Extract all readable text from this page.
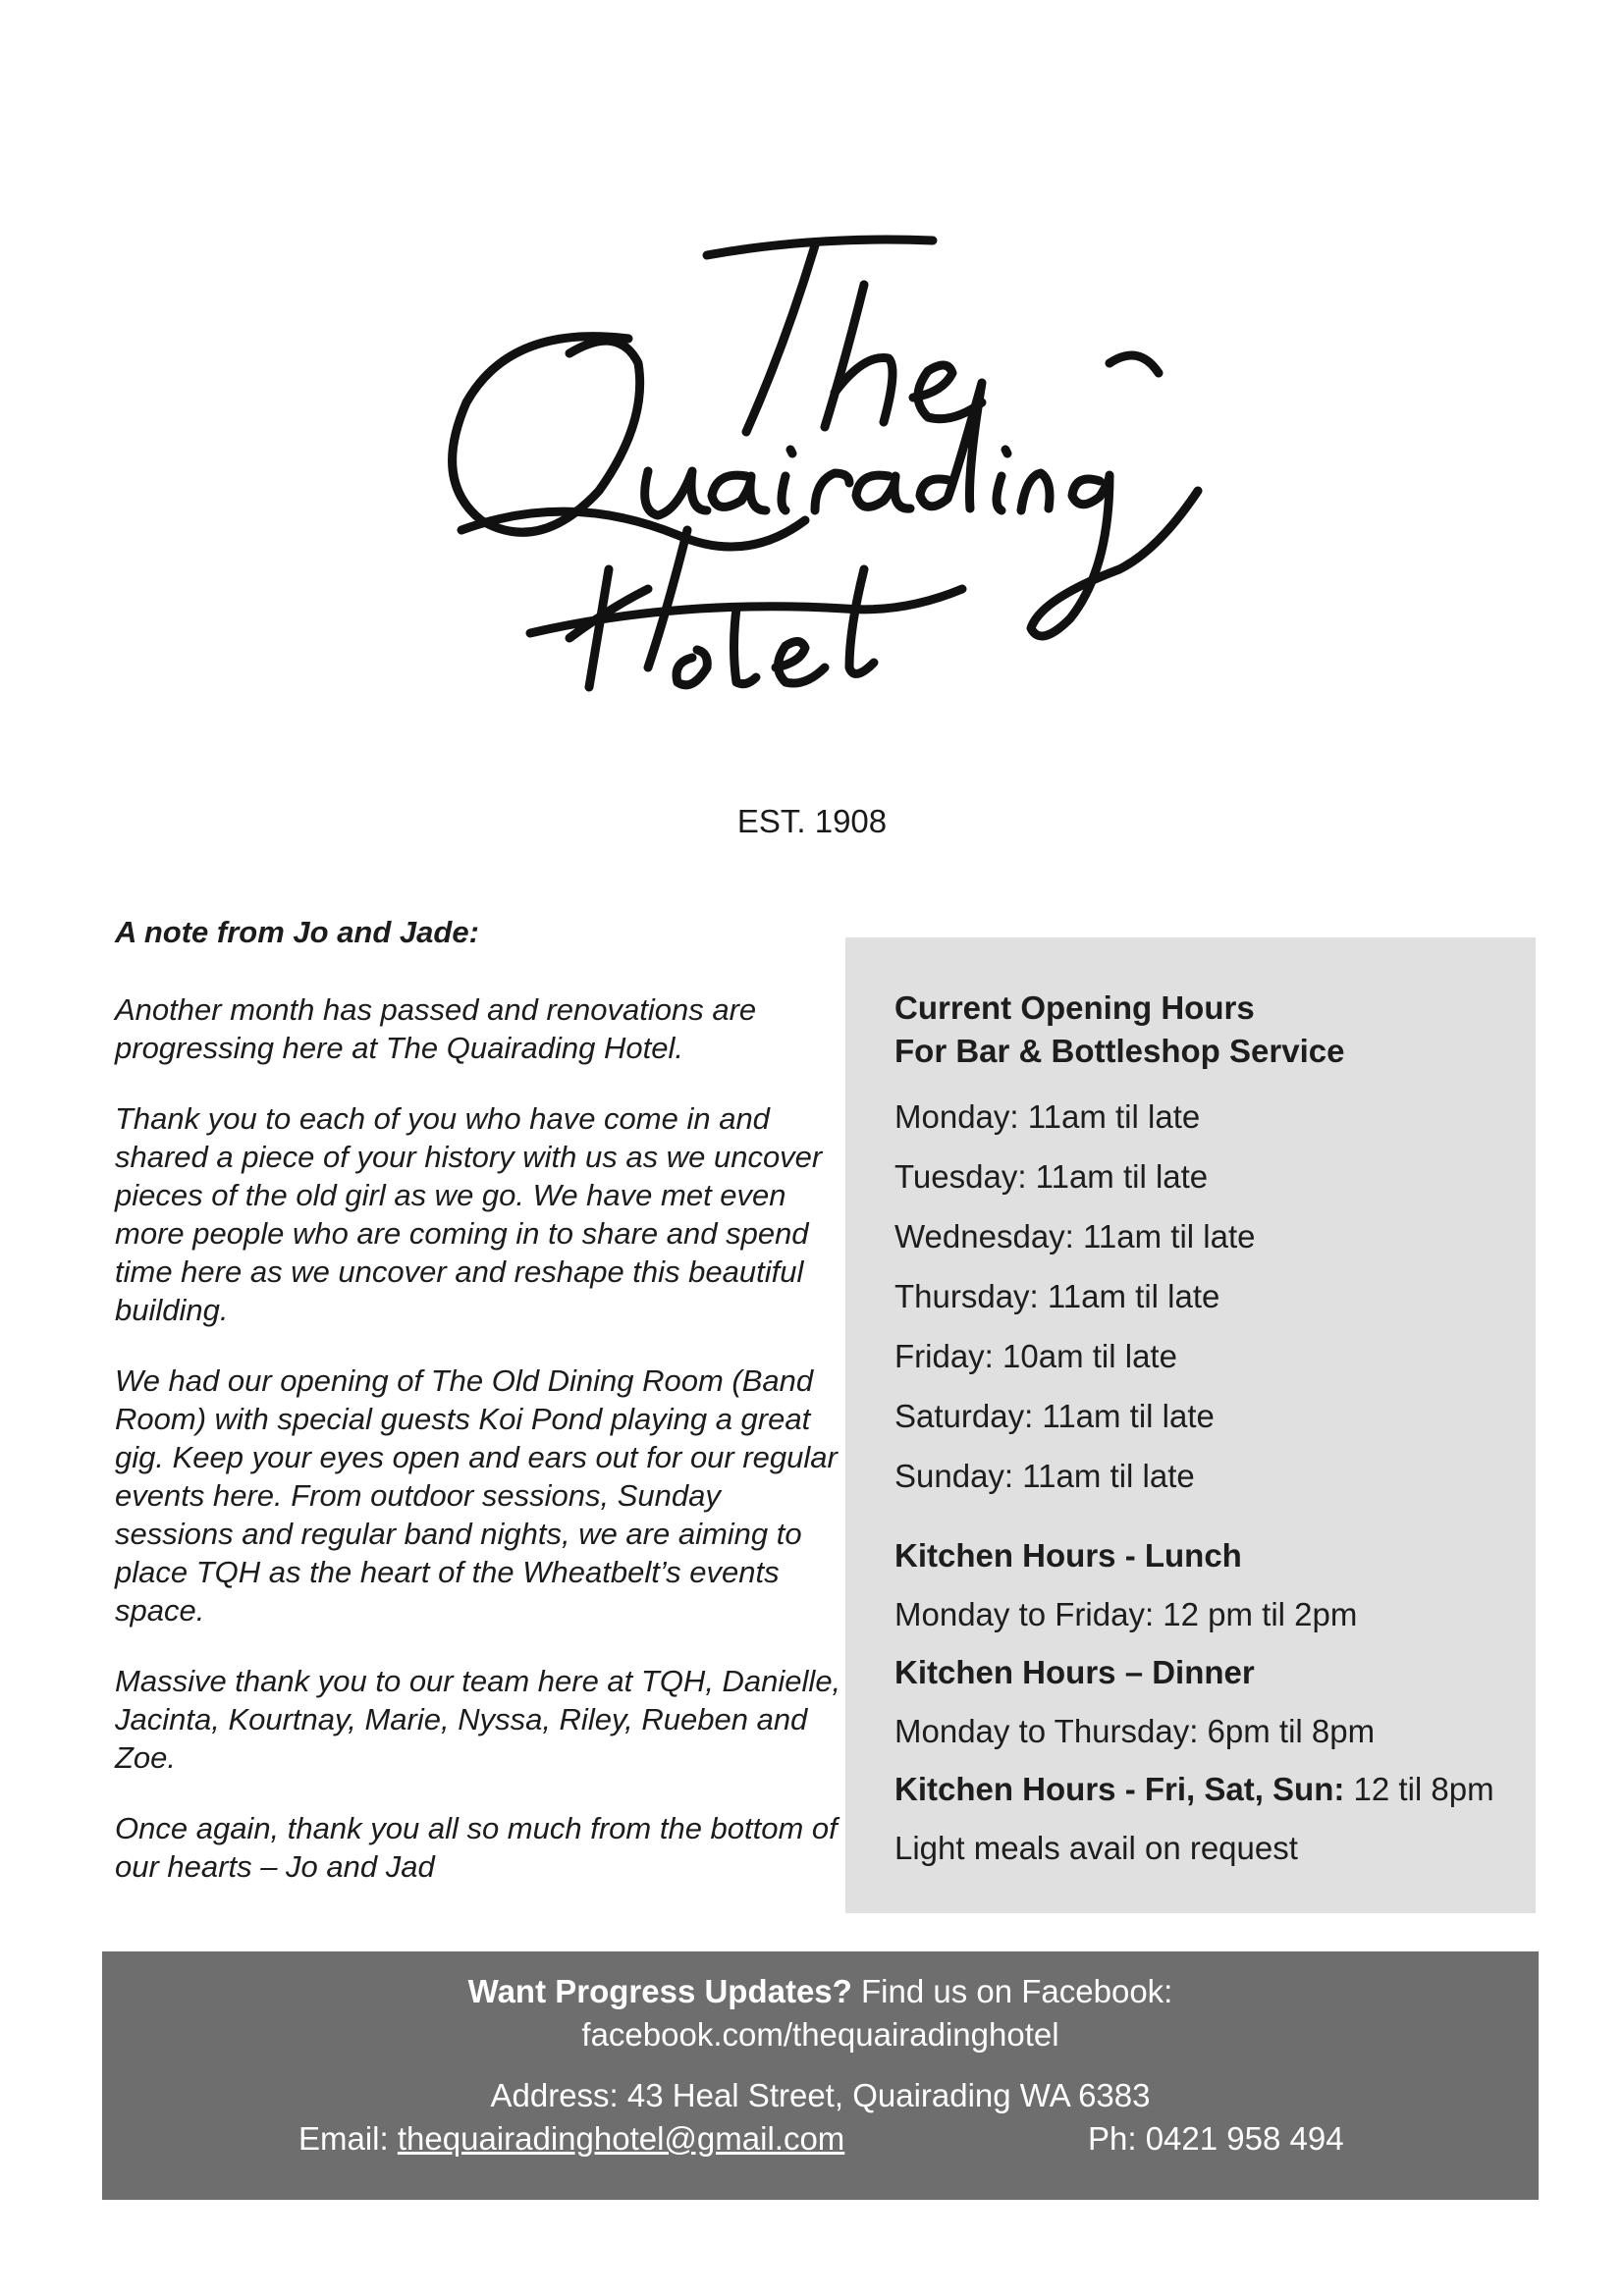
EST. 1908
A note from Jo and Jade:

Another month has passed and renovations are progressing here at The Quairading Hotel.

Thank you to each of you who have come in and shared a piece of your history with us as we uncover pieces of the old girl as we go. We have met even more people who are coming in to share and spend time here as we uncover and reshape this beautiful building.

We had our opening of The Old Dining Room (Band Room) with special guests Koi Pond playing a great gig. Keep your eyes open and ears out for our regular events here. From outdoor sessions, Sunday sessions and regular band nights, we are aiming to place TQH as the heart of the Wheatbelt’s events space.

Massive thank you to our team here at TQH, Danielle, Jacinta, Kourtnay, Marie, Nyssa, Riley, Rueben and Zoe.

Once again, thank you all so much from the bottom of our hearts – Jo and Jad

Current Opening Hours
For Bar & Bottleshop Service
Monday: 11am til late
Tuesday: 11am til late
Wednesday: 11am til late
Thursday: 11am til late
Friday: 10am til late
Saturday: 11am til late
Sunday: 11am til late
Kitchen Hours - Lunch
Monday to Friday: 12 pm til 2pm
Kitchen Hours – Dinner
Monday to Thursday: 6pm til 8pm
Kitchen Hours - Fri, Sat, Sun: 12 til 8pm
Light meals avail on request
Want Progress Updates? Find us on Facebook:
facebook.com/thequairadinghotel
Address: 43 Heal Street, Quairading WA 6383
Email: thequairadinghotel@gmail.com	Ph: 0421 958 494
